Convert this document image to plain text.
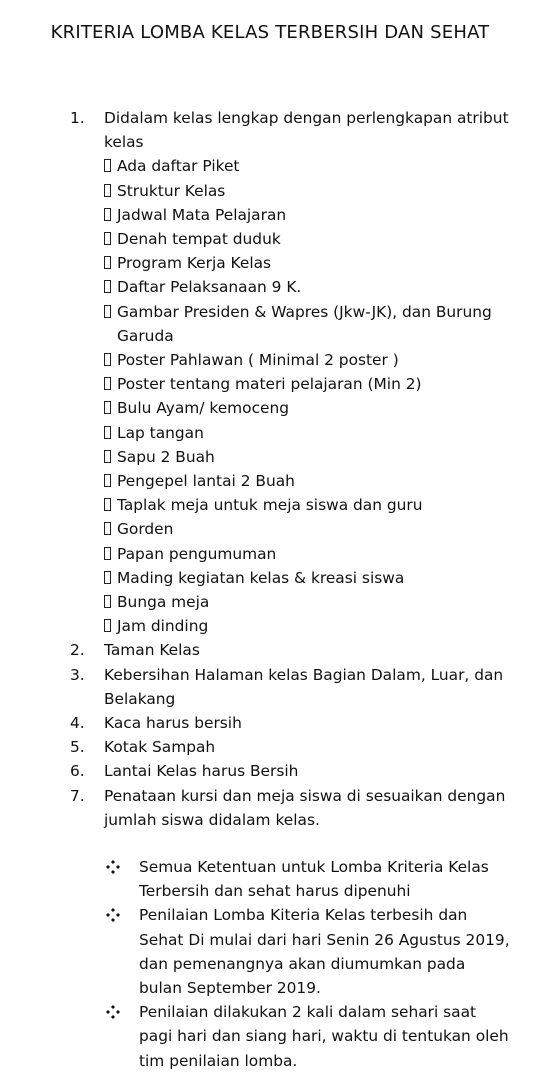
KRITERIA LOMBA KELAS TERBERSIH DAN SEHAT
1. Didalam kelas lengkap dengan perlengkapan atribut kelas
Ada daftar Piket
Struktur Kelas
Jadwal Mata Pelajaran
Denah tempat duduk
Program Kerja Kelas
Daftar Pelaksanaan 9 K.
Gambar Presiden & Wapres (Jkw-JK), dan Burung Garuda
Poster Pahlawan ( Minimal 2 poster )
Poster tentang materi pelajaran (Min 2)
Bulu Ayam/ kemoceng
Lap tangan
Sapu 2 Buah
Pengepel lantai 2 Buah
Taplak meja untuk meja siswa dan guru
Gorden
Papan pengumuman
Mading kegiatan kelas & kreasi siswa
Bunga meja
Jam dinding
2. Taman Kelas
3. Kebersihan Halaman kelas Bagian Dalam, Luar, dan Belakang
4. Kaca harus bersih
5. Kotak Sampah
6. Lantai Kelas harus Bersih
7. Penataan kursi dan meja siswa di sesuaikan dengan jumlah siswa didalam kelas.
Semua Ketentuan untuk Lomba Kriteria Kelas Terbersih dan sehat harus dipenuhi
Penilaian Lomba Kiteria Kelas terbesih dan Sehat Di mulai dari hari Senin 26 Agustus 2019, dan pemenangnya akan diumumkan pada bulan September 2019.
Penilaian dilakukan 2 kali dalam sehari saat pagi hari dan siang hari, waktu di tentukan oleh tim penilaian lomba.
